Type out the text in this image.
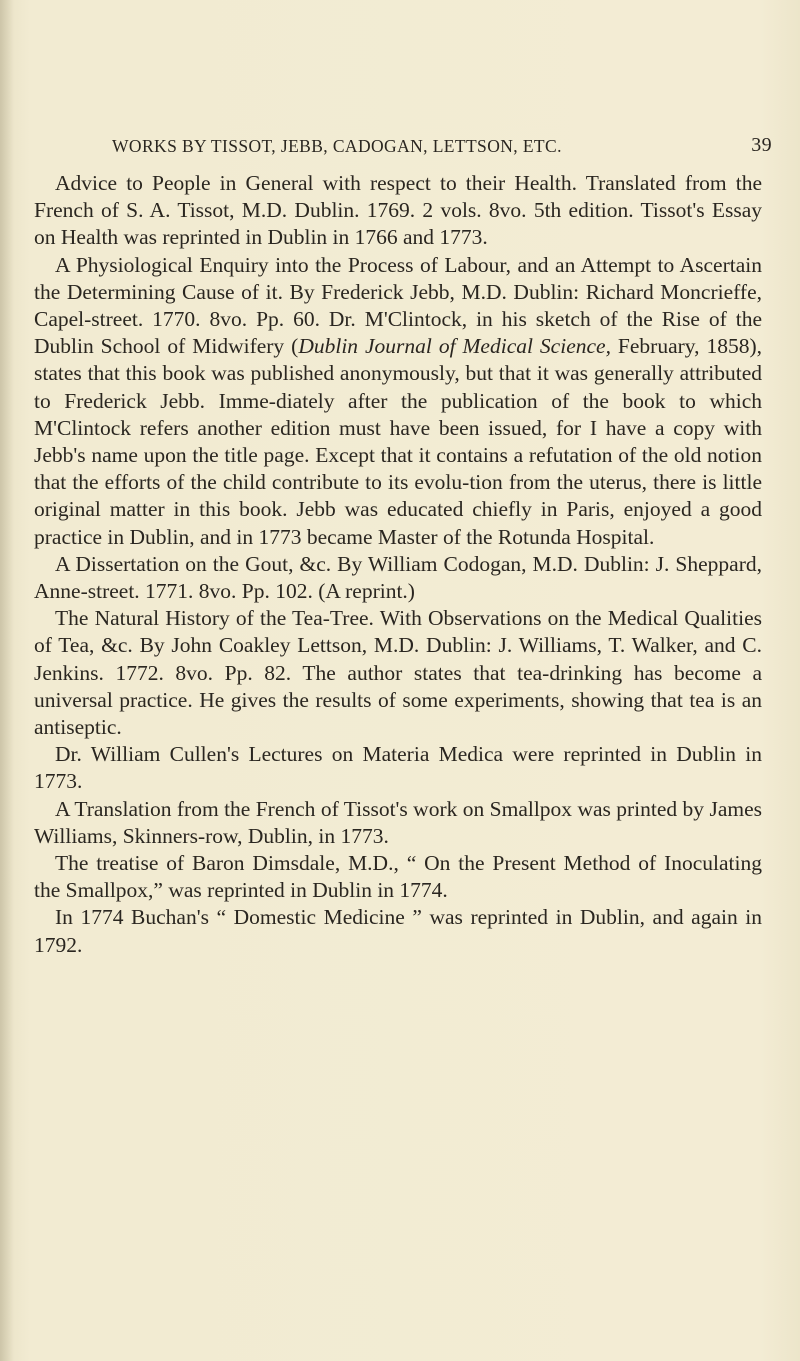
WORKS BY TISSOT, JEBB, CADOGAN, LETTSON, ETC.	39

Advice to People in General with respect to their Health. Translated from the French of S. A. Tissot, M.D. Dublin. 1769. 2 vols. 8vo. 5th edition. Tissot's Essay on Health was reprinted in Dublin in 1766 and 1773.

A Physiological Enquiry into the Process of Labour, and an Attempt to Ascertain the Determining Cause of it. By Frederick Jebb, M.D. Dublin: Richard Moncrieffe, Capel-street. 1770. 8vo. Pp. 60. Dr. M'Clintock, in his sketch of the Rise of the Dublin School of Midwifery (Dublin Journal of Medical Science, February, 1858), states that this book was published anonymously, but that it was generally attributed to Frederick Jebb. Imme-diately after the publication of the book to which M'Clintock refers another edition must have been issued, for I have a copy with Jebb's name upon the title page. Except that it contains a refutation of the old notion that the efforts of the child contribute to its evolu-tion from the uterus, there is little original matter in this book. Jebb was educated chiefly in Paris, enjoyed a good practice in Dublin, and in 1773 became Master of the Rotunda Hospital.

A Dissertation on the Gout, &c. By William Codogan, M.D. Dublin: J. Sheppard, Anne-street. 1771. 8vo. Pp. 102. (A reprint.)

The Natural History of the Tea-Tree. With Observations on the Medical Qualities of Tea, &c. By John Coakley Lettson, M.D. Dublin: J. Williams, T. Walker, and C. Jenkins. 1772. 8vo. Pp. 82. The author states that tea-drinking has become a universal practice. He gives the results of some experiments, showing that tea is an antiseptic.

Dr. William Cullen's Lectures on Materia Medica were reprinted in Dublin in 1773.

A Translation from the French of Tissot's work on Smallpox was printed by James Williams, Skinners-row, Dublin, in 1773.

The treatise of Baron Dimsdale, M.D., “ On the Present Method of Inoculating the Smallpox,” was reprinted in Dublin in 1774.

In 1774 Buchan's “ Domestic Medicine ” was reprinted in Dublin, and again in 1792.
